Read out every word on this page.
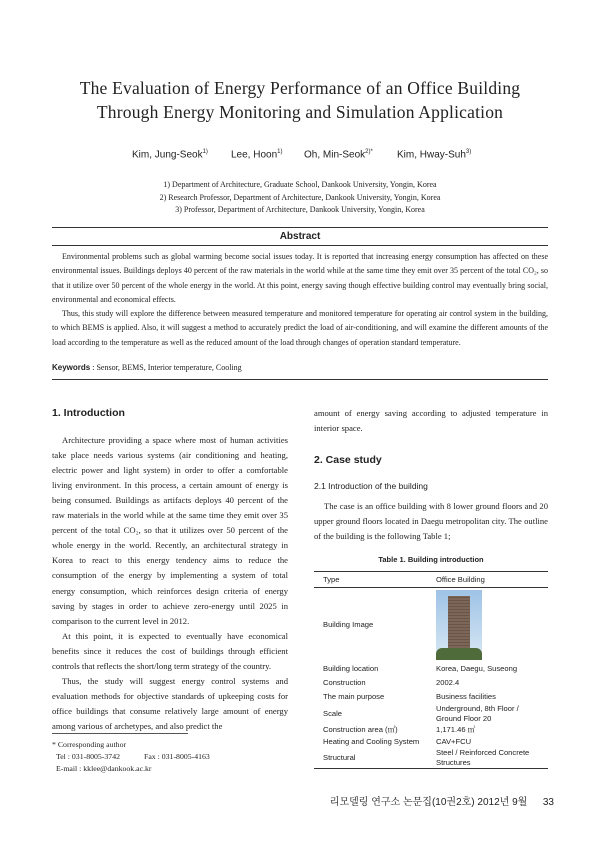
The Evaluation of Energy Performance of an Office Building
Through Energy Monitoring and Simulation Application
Kim, Jung-Seok$^{1)}$ Lee, Hoon$^{1)}$ Oh, Min-Seok$^{2)*}$ Kim, Hway-Suh$^{3)}$
1) Department of Architecture, Graduate School, Dankook University, Yongin, Korea
2) Research Professor, Department of Architecture, Dankook University, Yongin, Korea
3) Professor, Department of Architecture, Dankook University, Yongin, Korea
Abstract

Environmental problems such as global warming become social issues today. It is reported that increasing energy consumption has affected on these environmental issues. Buildings deploys 40 percent of the raw materials in the world while at the same time they emit over 35 percent of the total CO₂, so that it utilize over 50 percent of the whole energy in the world. At this point, energy saving though effective building control may eventually bring social, environmental and economical effects.

Thus, this study will explore the difference between measured temperature and monitored temperature for operating air control system in the building, to which BEMS is applied. Also, it will suggest a method to accurately predict the load of air-conditioning, and will examine the different amounts of the load according to the temperature as well as the reduced amount of the load through changes of operation standard temperature.

Keywords : Sensor, BEMS, Interior temperature, Cooling
1. Introduction

Architecture providing a space where most of human activities take place needs various systems (air conditioning and heating, electric power and light system) in order to offer a comfortable living environment. In this process, a certain amount of energy is being consumed. Buildings as artifacts deploys 40 percent of the raw materials in the world while at the same time they emit over 35 percent of the total CO₂, so that it utilizes over 50 percent of the whole energy in the world. Recently, an architectural strategy in Korea to react to this energy tendency aims to reduce the consumption of the energy by implementing a system of total energy consumption, which reinforces design criteria of energy saving by stages in order to achieve zero-energy until 2025 in comparison to the current level in 2012.

At this point, it is expected to eventually have economical benefits since it reduces the cost of buildings through efficient controls that reflects the short/long term strategy of the country.

Thus, the study will suggest energy control systems and evaluation methods for objective standards of upkeeping costs for office buildings that consume relatively large amount of energy among various of archetypes, and also predict the

* Corresponding author
Tel : 031-8005-3742	Fax : 031-8005-4163
E-mail : kklee@dankook.ac.kr
amount of energy saving according to adjusted temperature in interior space.
2. Case study
2.1 Introduction of the building

The case is an office building with 8 lower ground floors and 20 upper ground floors located in Daegu metropolitan city. The outline of the building is the following Table 1;

Table 1. Building introduction
Type	Office Building
Building Image	

Building location	Korea, Daegu, Suseong
Construction	2002.4
The main purpose	Business facilities
Scale	Underground, 8th Floor / Ground Floor 20
Construction area (㎡)	1,171.46 ㎡
Heating and Cooling System	CAV+FCU
Structural	Steel / Reinforced Concrete Structures
리모델링 연구소 논문집(10권2호) 2012년 9월 33
